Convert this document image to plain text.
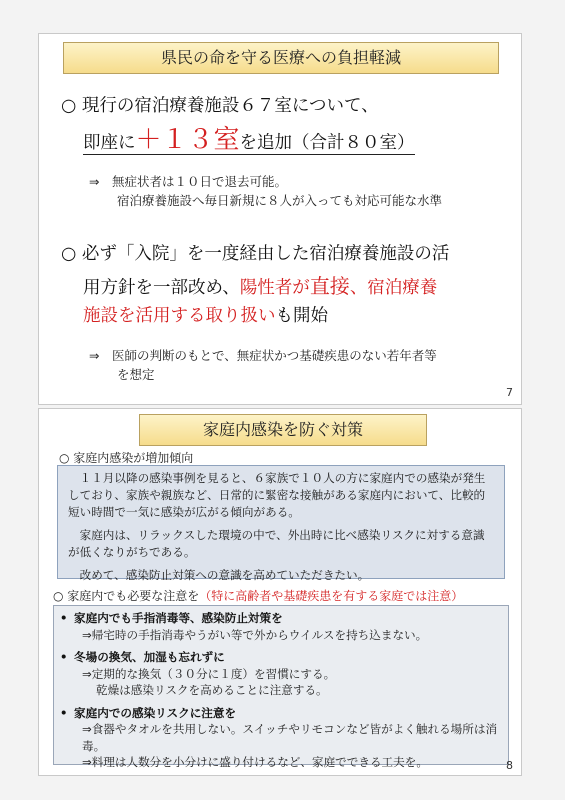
県民の命を守る医療への負担軽減
○ 現行の宿泊療養施設６７室について、
即座に＋１３室を追加（合計８０室）
⇒　無症状者は１０日で退去可能。
宿泊療養施設へ毎日新規に８人が入っても対応可能な水準
○ 必ず「入院」を一度経由した宿泊療養施設の活
用方針を一部改め、陽性者が直接、宿泊療養
施設を活用する取り扱いも開始
⇒　医師の判断のもとで、無症状かつ基礎疾患のない若年者等
を想定
7
家庭内感染を防ぐ対策
○ 家庭内感染が増加傾向

　１１月以降の感染事例を見ると、６家族で１０人の方に家庭内での感染が発生しており、家族や親族など、日常的に緊密な接触がある家庭内において、比較的短い時間で一気に感染が広がる傾向がある。

　家庭内は、リラックスした環境の中で、外出時に比べ感染リスクに対する意識が低くなりがちである。

　改めて、感染防止対策への意識を高めていただきたい。

○ 家庭内でも必要な注意を（特に高齢者や基礎疾患を有する家庭では注意）
• 家庭内でも手指消毒等、感染防止対策を
⇒帰宅時の手指消毒やうがい等で外からウイルスを持ち込まない。
• 冬場の換気、加湿も忘れずに
⇒定期的な換気（３０分に１度）を習慣にする。
乾燥は感染リスクを高めることに注意する。
• 家庭内での感染リスクに注意を
⇒食器やタオルを共用しない。スイッチやリモコンなど皆がよく触れる場所は消毒。
⇒料理は人数分を小分けに盛り付けるなど、家庭でできる工夫を。	8
